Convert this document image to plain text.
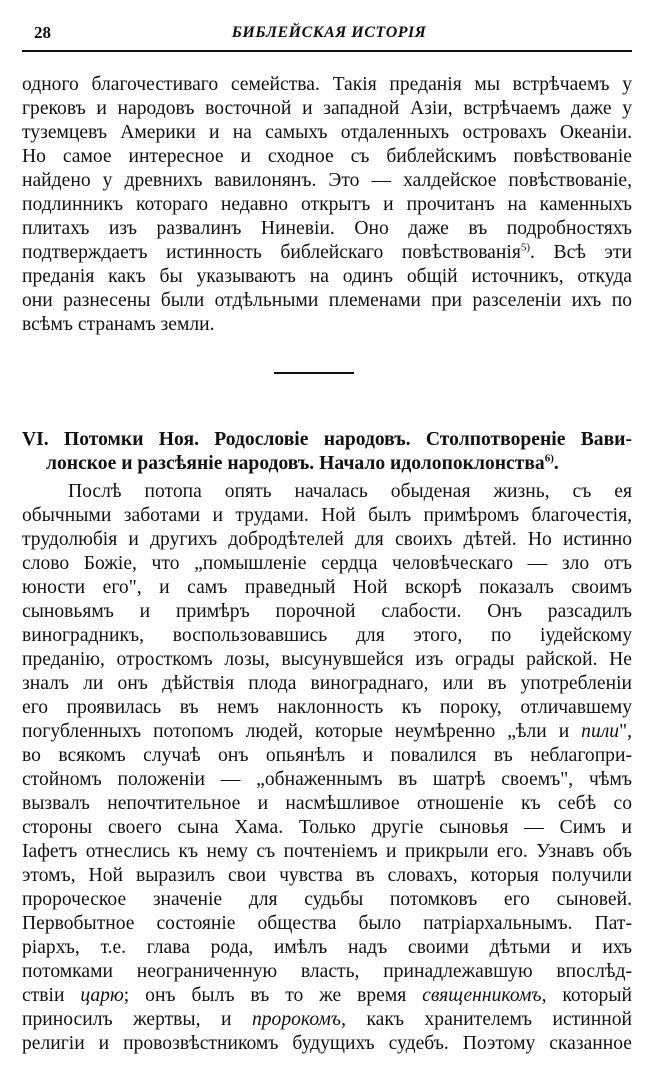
28	БИБЛЕЙСКАЯ ИСТОРІЯ
одного благочестиваго семейства. Такія преданія мы встрѣчаемъ у
грековъ и народовъ восточной и западной Азіи, встрѣчаемъ даже у
туземцевъ Америки и на самыхъ отдаленныхъ островахъ Океаніи.
Но самое интересное и сходное съ библейскимъ повѣствованіе
найдено у древнихъ вавилонянъ. Это — халдейское повѣствованіе,
подлинникъ котораго недавно открытъ и прочитанъ на каменныхъ
плитахъ изъ развалинъ Ниневіи. Оно даже въ подробностяхъ
подтверждаетъ истинность библейскаго повѣствованія$^{5)}$. Всѣ эти
преданія какъ бы указываютъ на одинъ общій источникъ, откуда
они разнесены были отдѣльными племенами при разселеніи ихъ по
всѣмъ странамъ земли.
VI. Потомки Ноя. Родословіе народовъ. Столпотвореніе Вави-
лонское и разсѣяніе народовъ. Начало идолопоклонства$^{6)}$.
Послѣ потопа опять началась обыденая жизнь, съ ея
обычными заботами и трудами. Ной былъ примѣромъ благочестія,
трудолюбія и другихъ добродѣтелей для своихъ дѣтей. Но истинно
слово Божіе, что „помышленіе сердца человѣческаго — зло отъ
юности его", и самъ праведный Ной вскорѣ показалъ своимъ
сыновьямъ и примѣръ порочной слабости. Онъ разсадилъ
виноградникъ, воспользовавшись для этого, по іудейскому
преданію, отросткомъ лозы, высунувшейся изъ ограды райской. Не
зналъ ли онъ дѣйствія плода винограднаго, или въ употребленіи
его проявилась въ немъ наклонность къ пороку, отличавшему
погубленныхъ потопомъ людей, которые неумѣренно „ѣли и пили",
во всякомъ случаѣ онъ опьянѣлъ и повалился въ неблагопри-
стойномъ положеніи — „обнаженнымъ въ шатрѣ своемъ", чѣмъ
вызвалъ непочтительное и насмѣшливое отношеніе къ себѣ со
стороны своего сына Хама. Только другіе сыновья — Симъ и
Іафетъ отнеслись къ нему съ почтеніемъ и прикрыли его. Узнавъ объ
этомъ, Ной выразилъ свои чувства въ словахъ, которыя получили
пророческое значеніе для судьбы потомковъ его сыновей.
Первобытное состояніе общества было патріархальнымъ. Пат-
ріархъ, т.е. глава рода, имѣлъ надъ своими дѣтьми и ихъ
потомками неограниченную власть, принадлежавшую впослѣд-
ствіи царю; онъ былъ въ то же время священникомъ, который
приносилъ жертвы, и пророкомъ, какъ хранителемъ истинной
религіи и провозвѣстникомъ будущихъ судебъ. Поэтому сказанное
